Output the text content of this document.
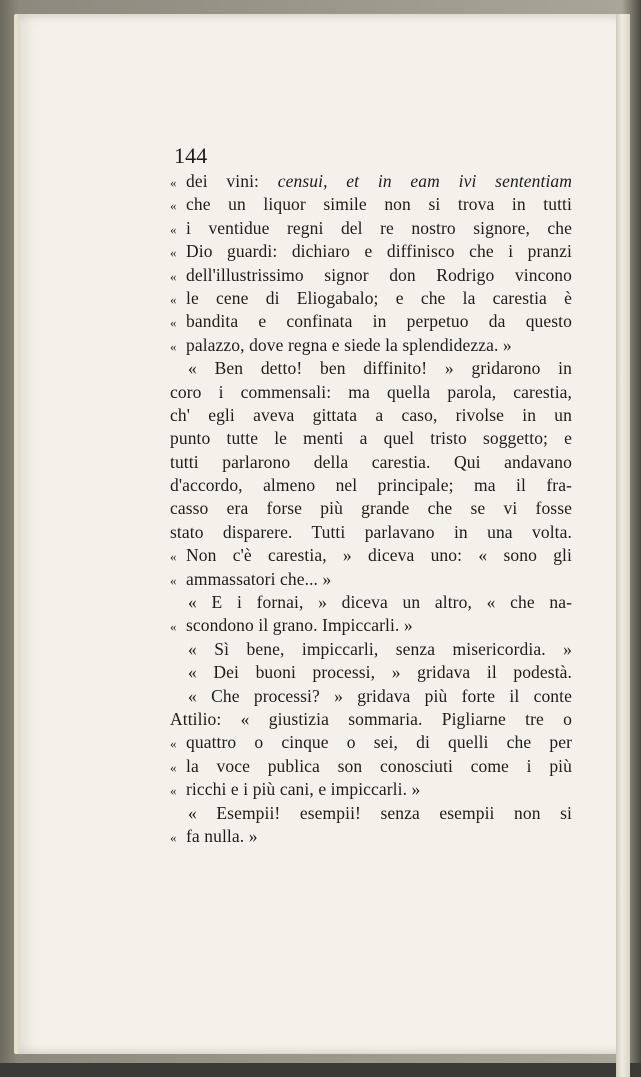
144
« dei vini: censui, et in eam ivi sententiam
« che un liquor simile non si trova in tutti
« i ventidue regni del re nostro signore, che
« Dio guardi: dichiaro e diffinisco che i pranzi
« dell'illustrissimo signor don Rodrigo vincono
« le cene di Eliogabalo; e che la carestia è
« bandita e confinata in perpetuo da questo
« palazzo, dove regna e siede la splendidezza. »
« Ben detto! ben diffinito! » gridarono in
coro i commensali: ma quella parola, carestia,
ch' egli aveva gittata a caso, rivolse in un
punto tutte le menti a quel tristo soggetto; e
tutti parlarono della carestia. Qui andavano
d'accordo, almeno nel principale; ma il fra-
casso era forse più grande che se vi fosse
stato disparere. Tutti parlavano in una volta.
« Non c'è carestia, » diceva uno: « sono gli
« ammassatori che... »
« E i fornai, » diceva un altro, « che na-
« scondono il grano. Impiccarli. »
« Sì bene, impiccarli, senza misericordia. »
« Dei buoni processi, » gridava il podestà.
« Che processi? » gridava più forte il conte
Attilio: « giustizia sommaria. Pigliarne tre o
« quattro o cinque o sei, di quelli che per
« la voce publica son conosciuti come i più
« ricchi e i più cani, e impiccarli. »
« Esempii! esempii! senza esempii non si
« fa nulla. »
